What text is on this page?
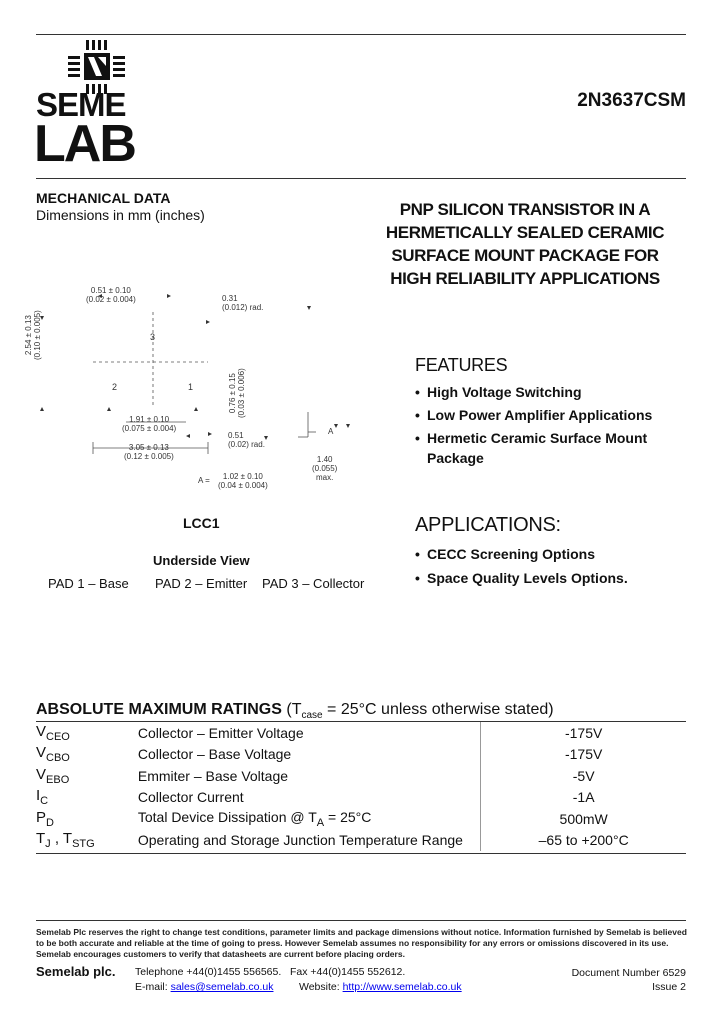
SEME
LAB
2N3637CSM
MECHANICAL DATA
Dimensions in mm (inches)	PNP SILICON TRANSISTOR IN A
HERMETICALLY SEALED CERAMIC
SURFACE MOUNT PACKAGE FOR
HIGH RELIABILITY APPLICATIONS
0.51 ± 0.10
(0.02 ± 0.004)	0.31
(0.012) rad.
2.54 ± 0.13 (0.10 ± 0.005)
0.76 ± 0.15 (0.03 ± 0.006)
3
2	1
1.91 ± 0.10
(0.075 ± 0.004)
0.51
(0.02) rad.
3.05 ± 0.13
(0.12 ± 0.005)
A
1.40
(0.055)
max.
A =	1.02 ± 0.10
(0.04 ± 0.004)
LCC1
Underside View
PAD 1 – Base PAD 2 – Emitter PAD 3 – Collector
FEATURES
• High Voltage Switching
• Low Power Amplifier Applications
• Hermetic Ceramic Surface Mount
Package
APPLICATIONS:
• CECC Screening Options
• Space Quality Levels Options.
ABSOLUTE MAXIMUM RATINGS ($T_{case} = 25^\circ C$ unless otherwise stated)
$V_{CEO}$	Collector – Emitter Voltage	-175V
$V_{CBO}$	Collector – Base Voltage	-175V
$V_{EBO}$	Emmiter – Base Voltage	-5V
$I_C$	Collector Current	-1A
$P_D$	Total Device Dissipation @ $T_A = 25^\circ C$	500mW
$T_J$ , $T_{STG}$	Operating and Storage Junction Temperature Range	–65 to +200°C
Semelab Plc reserves the right to change test conditions, parameter limits and package dimensions without notice. Information furnished by Semelab is believed
to be both accurate and reliable at the time of going to press. However Semelab assumes no responsibility for any errors or omissions discovered in its use.
Semelab encourages customers to verify that datasheets are current before placing orders.
Semelab plc. Telephone +44(0)1455 556565.   Fax +44(0)1455 552612.
E-mail: sales@semelab.co.uk Website: http://www.semelab.co.uk
Document Number 6529
Issue 2
